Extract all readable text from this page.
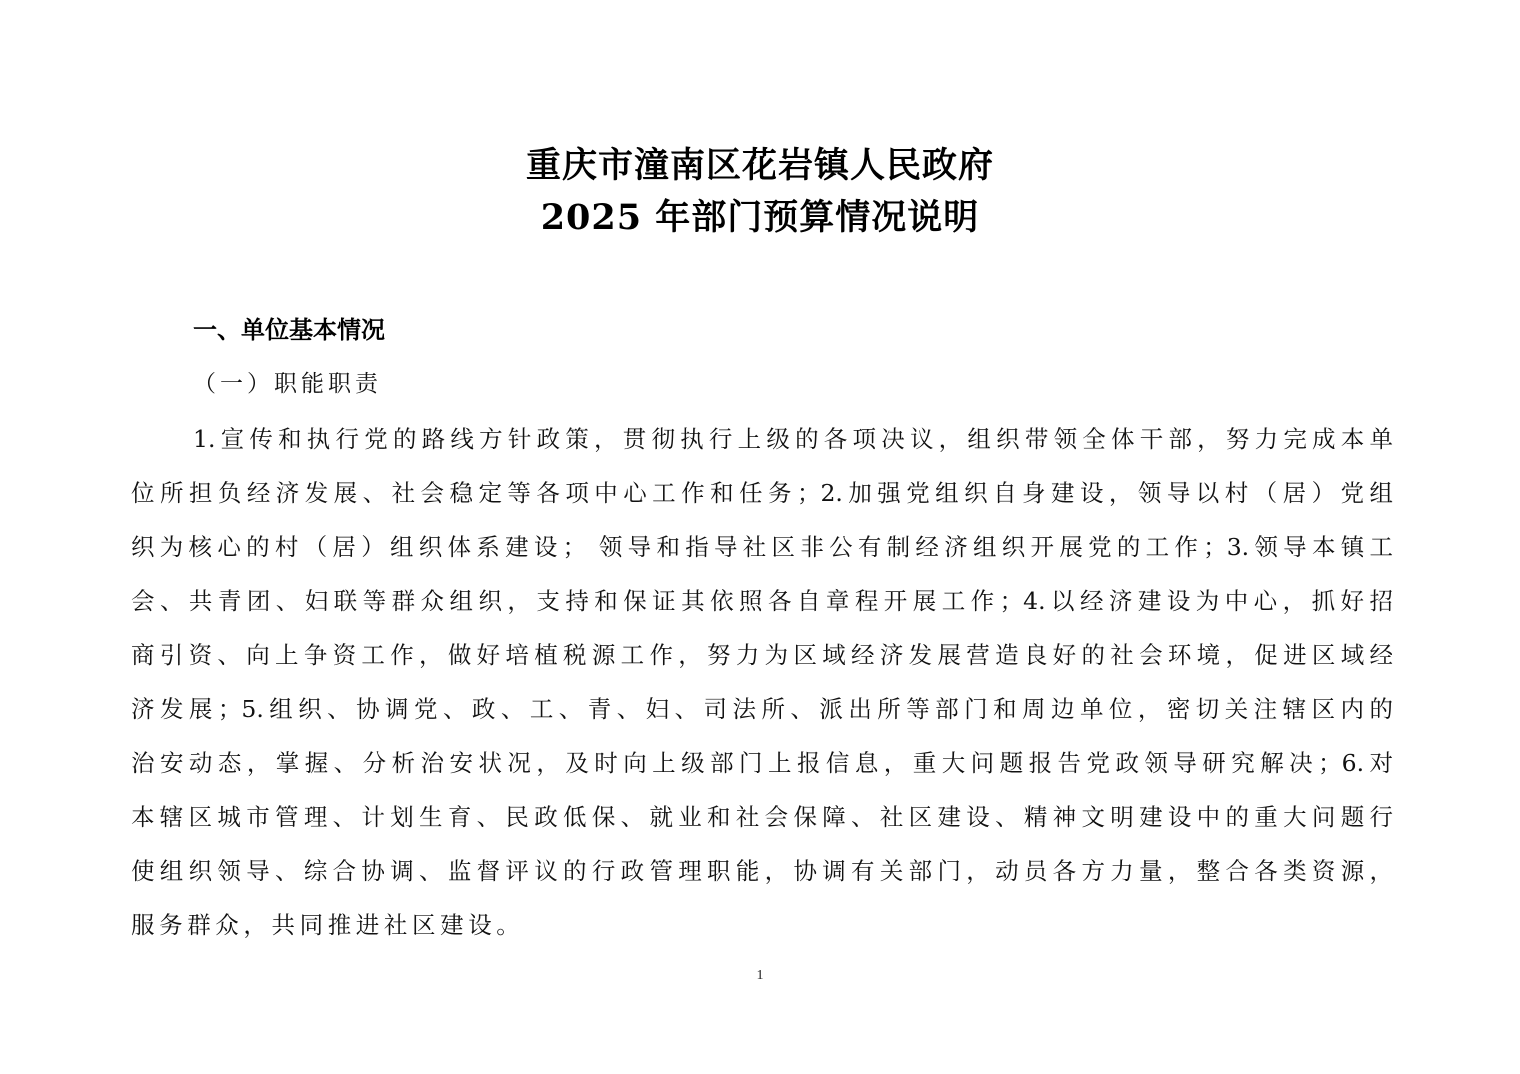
重庆市潼南区花岩镇人民政府
2025 年部门预算情况说明
一、单位基本情况
（一）职能职责
1.宣传和执行党的路线方针政策，贯彻执行上级的各项决议，组织带领全体干部，努力完成本单
位所担负经济发展、社会稳定等各项中心工作和任务；2.加强党组织自身建设，领导以村（居）党组
织为核心的村（居）组织体系建设； 领导和指导社区非公有制经济组织开展党的工作；3.领导本镇工
会、共青团、妇联等群众组织，支持和保证其依照各自章程开展工作；4.以经济建设为中心，抓好招
商引资、向上争资工作，做好培植税源工作，努力为区域经济发展营造良好的社会环境，促进区域经
济发展；5.组织、协调党、政、工、青、妇、司法所、派出所等部门和周边单位，密切关注辖区内的
治安动态，掌握、分析治安状况，及时向上级部门上报信息，重大问题报告党政领导研究解决；6.对
本辖区城市管理、计划生育、民政低保、就业和社会保障、社区建设、精神文明建设中的重大问题行
使组织领导、综合协调、监督评议的行政管理职能，协调有关部门，动员各方力量，整合各类资源，
服务群众，共同推进社区建设。
1
